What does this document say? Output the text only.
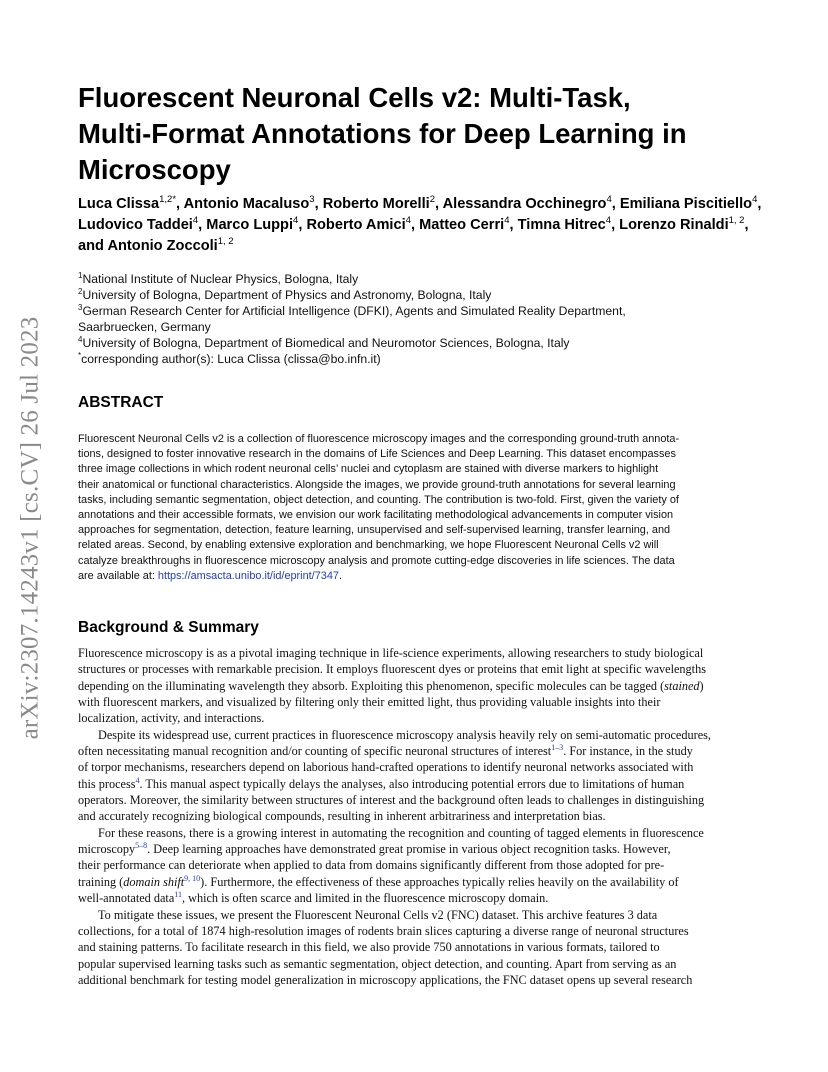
arXiv:2307.14243v1 [cs.CV] 26 Jul 2023
Fluorescent Neuronal Cells v2: Multi-Task,
Multi-Format Annotations for Deep Learning in
Microscopy

Luca Clissa$^{1,2*}$, Antonio Macaluso$^3$, Roberto Morelli$^2$, Alessandra Occhinegro$^4$, Emiliana Piscitiello$^4$, Ludovico Taddei$^4$, Marco Luppi$^4$, Roberto Amici$^4$, Matteo Cerri$^4$, Timna Hitrec$^4$, Lorenzo Rinaldi$^{1, 2}$, and Antonio Zoccoli$^{1, 2}$

$^1$National Institute of Nuclear Physics, Bologna, Italy
$^2$University of Bologna, Department of Physics and Astronomy, Bologna, Italy
$^3$German Research Center for Artificial Intelligence (DFKI), Agents and Simulated Reality Department,
Saarbruecken, Germany
$^4$University of Bologna, Department of Biomedical and Neuromotor Sciences, Bologna, Italy
*corresponding author(s): Luca Clissa (clissa@bo.infn.it)
ABSTRACT
Fluorescent Neuronal Cells v2 is a collection of fluorescence microscopy images and the corresponding ground-truth annota-
tions, designed to foster innovative research in the domains of Life Sciences and Deep Learning. This dataset encompasses
three image collections in which rodent neuronal cells’ nuclei and cytoplasm are stained with diverse markers to highlight
their anatomical or functional characteristics. Alongside the images, we provide ground-truth annotations for several learning
tasks, including semantic segmentation, object detection, and counting. The contribution is two-fold. First, given the variety of
annotations and their accessible formats, we envision our work facilitating methodological advancements in computer vision
approaches for segmentation, detection, feature learning, unsupervised and self-supervised learning, transfer learning, and
related areas. Second, by enabling extensive exploration and benchmarking, we hope Fluorescent Neuronal Cells v2 will
catalyze breakthroughs in fluorescence microscopy analysis and promote cutting-edge discoveries in life sciences. The data
are available at: https://amsacta.unibo.it/id/eprint/7347.
Background & Summary
Fluorescence microscopy is as a pivotal imaging technique in life-science experiments, allowing researchers to study biological
structures or processes with remarkable precision. It employs fluorescent dyes or proteins that emit light at specific wavelengths
depending on the illuminating wavelength they absorb. Exploiting this phenomenon, specific molecules can be tagged (stained)
with fluorescent markers, and visualized by filtering only their emitted light, thus providing valuable insights into their
localization, activity, and interactions.
Despite its widespread use, current practices in fluorescence microscopy analysis heavily rely on semi-automatic procedures,
often necessitating manual recognition and/or counting of specific neuronal structures of interest$^{1-3}$. For instance, in the study
of torpor mechanisms, researchers depend on laborious hand-crafted operations to identify neuronal networks associated with
this process$^4$. This manual aspect typically delays the analyses, also introducing potential errors due to limitations of human
operators. Moreover, the similarity between structures of interest and the background often leads to challenges in distinguishing
and accurately recognizing biological compounds, resulting in inherent arbitrariness and interpretation bias.
For these reasons, there is a growing interest in automating the recognition and counting of tagged elements in fluorescence
microscopy$^{5-8}$. Deep learning approaches have demonstrated great promise in various object recognition tasks. However,
their performance can deteriorate when applied to data from domains significantly different from those adopted for pre-
training (domain shift$^{9, 10}$). Furthermore, the effectiveness of these approaches typically relies heavily on the availability of
well-annotated data$^{11}$, which is often scarce and limited in the fluorescence microscopy domain.
To mitigate these issues, we present the Fluorescent Neuronal Cells v2 (FNC) dataset. This archive features 3 data
collections, for a total of 1874 high-resolution images of rodents brain slices capturing a diverse range of neuronal structures
and staining patterns. To facilitate research in this field, we also provide 750 annotations in various formats, tailored to
popular supervised learning tasks such as semantic segmentation, object detection, and counting. Apart from serving as an
additional benchmark for testing model generalization in microscopy applications, the FNC dataset opens up several research
